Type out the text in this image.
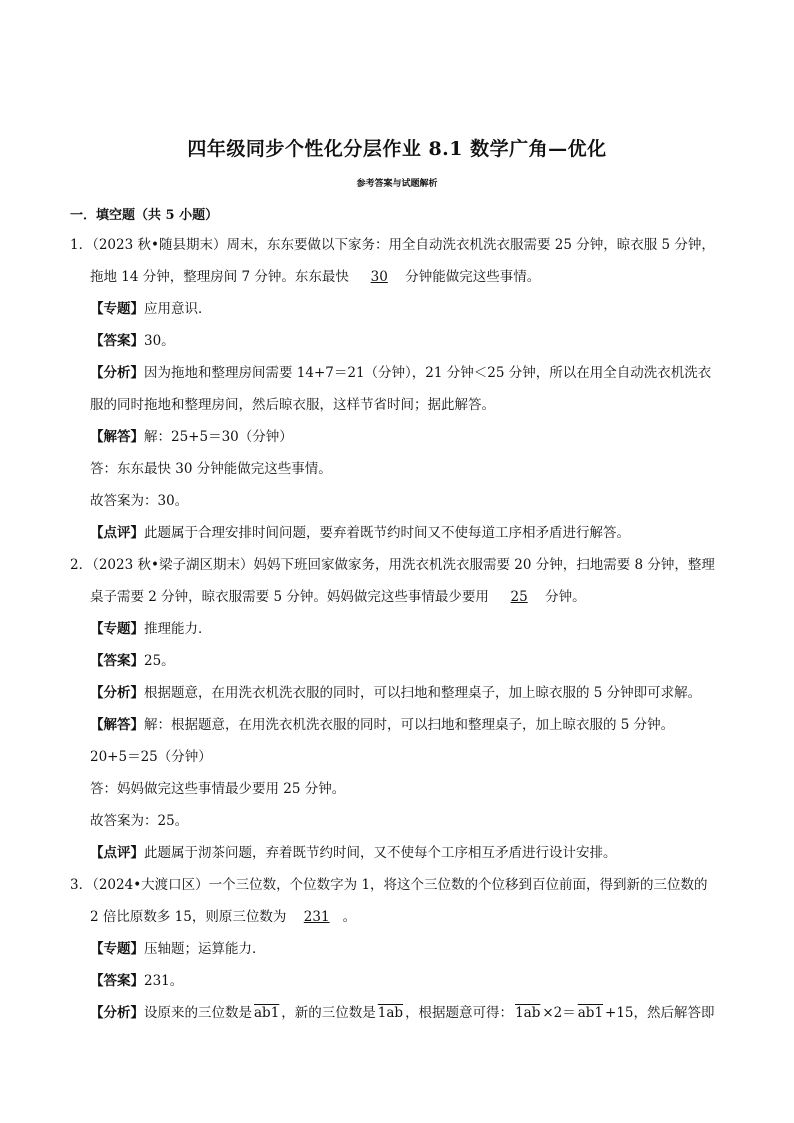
四年级同步个性化分层作业 8.1 数学广角—优化
参考答案与试题解析
一．填空题（共 5 小题）
1．（2023 秋•随县期末）周末，东东要做以下家务：用全自动洗衣机洗衣服需要 25 分钟，晾衣服 5 分钟，
拖地 14 分钟，整理房间 7 分钟。东东最快 30 分钟能做完这些事情。
【专题】应用意识．
【答案】30。
【分析】因为拖地和整理房间需要 14+7＝21（分钟），21 分钟＜25 分钟，所以在用全自动洗衣机洗衣
服的同时拖地和整理房间，然后晾衣服，这样节省时间；据此解答。
【解答】解：25+5＝30（分钟）
答：东东最快 30 分钟能做完这些事情。
故答案为：30。
【点评】此题属于合理安排时间问题，要弃着既节约时间又不使每道工序相矛盾进行解答。
2．（2023 秋•梁子湖区期末）妈妈下班回家做家务，用洗衣机洗衣服需要 20 分钟，扫地需要 8 分钟，整理
桌子需要 2 分钟，晾衣服需要 5 分钟。妈妈做完这些事情最少要用 25 分钟。
【专题】推理能力．
【答案】25。
【分析】根据题意，在用洗衣机洗衣服的同时，可以扫地和整理桌子，加上晾衣服的 5 分钟即可求解。
【解答】解：根据题意，在用洗衣机洗衣服的同时，可以扫地和整理桌子，加上晾衣服的 5 分钟。
20+5＝25（分钟）
答：妈妈做完这些事情最少要用 25 分钟。
故答案为：25。
【点评】此题属于沏茶问题，弃着既节约时间，又不使每个工序相互矛盾进行设计安排。
3．（2024•大渡口区）一个三位数，个位数字为 1，将这个三位数的个位移到百位前面，得到新的三位数的
2 倍比原数多 15，则原三位数为 231 。
【专题】压轴题；运算能力．
【答案】231。
【分析】设原来的三位数是 ab1 ，新的三位数是 1ab ，根据题意可得： 1ab ×2＝ ab1 +15，然后解答即
